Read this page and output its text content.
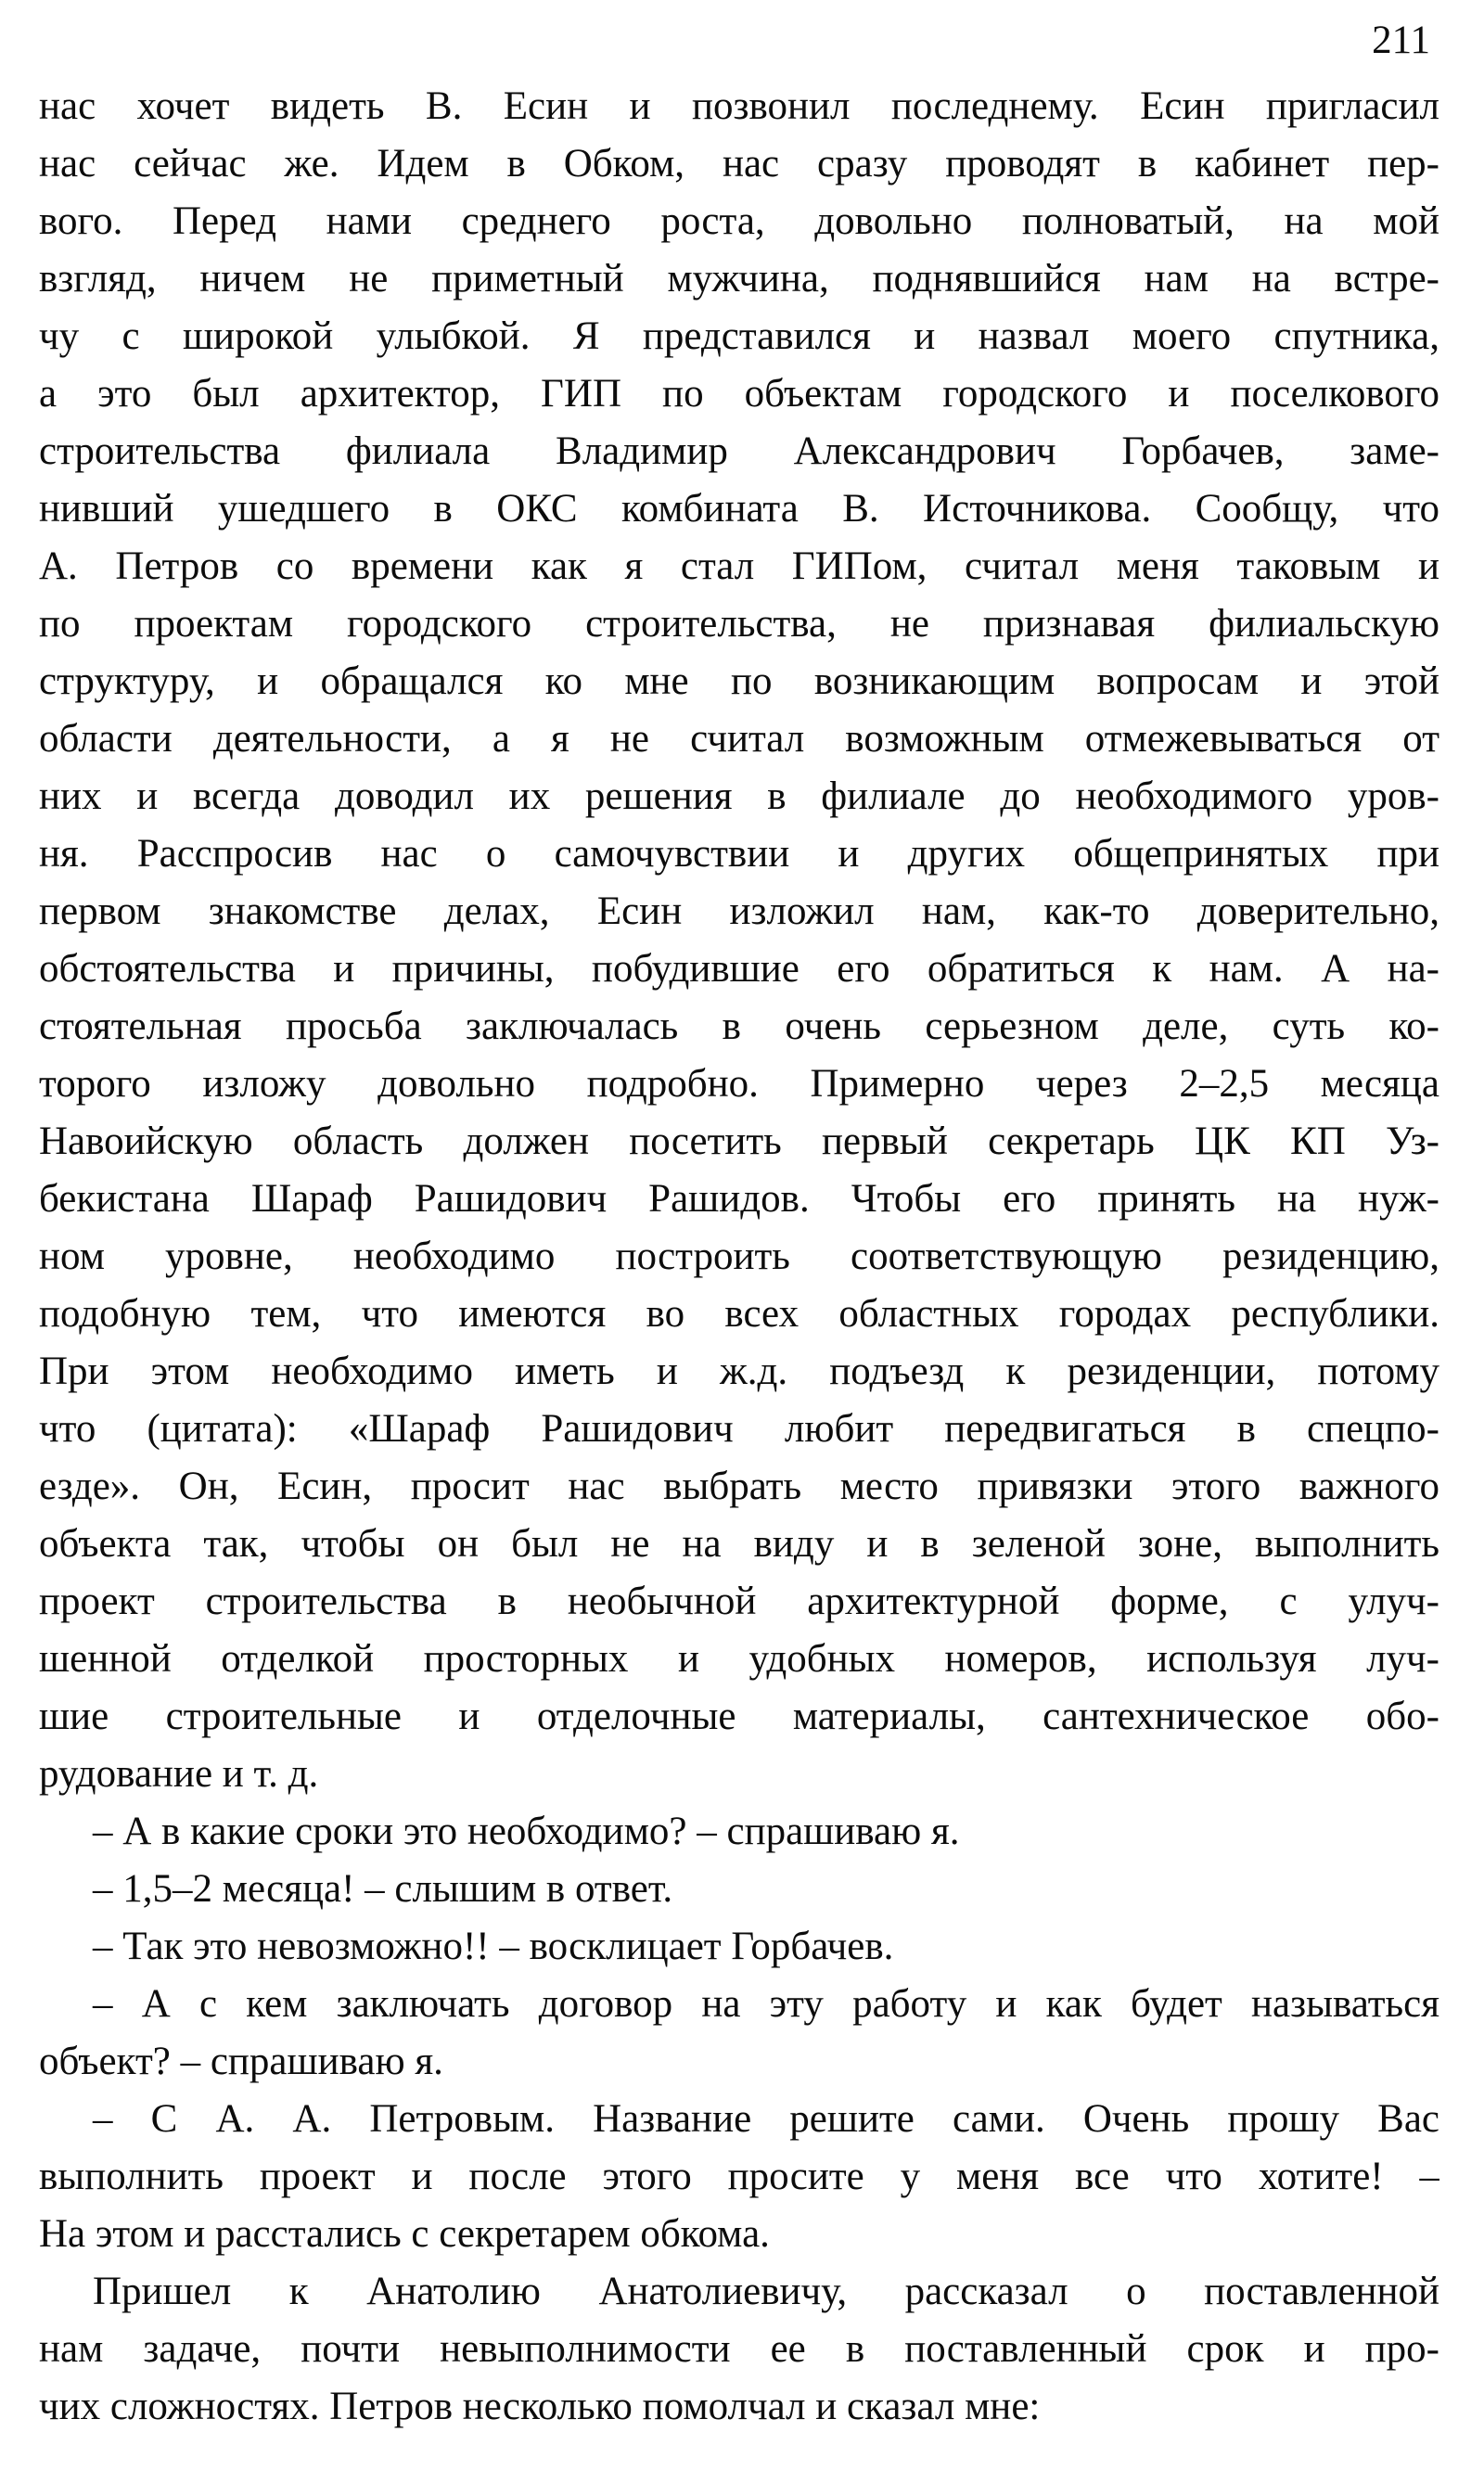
211
нас хочет видеть В. Есин и позвонил последнему. Есин пригласил
нас сейчас же. Идем в Обком, нас сразу проводят в кабинет пер-
вого. Перед нами среднего роста, довольно полноватый, на мой
взгляд, ничем не приметный мужчина, поднявшийся нам на встре-
чу с широкой улыбкой. Я представился и назвал моего спутника,
а это был архитектор, ГИП по объектам городского и поселкового
строительства филиала Владимир Александрович Горбачев, заме-
нивший ушедшего в ОКС комбината В. Источникова. Сообщу, что
А. Петров со времени как я стал ГИПом, считал меня таковым и
по проектам городского строительства, не признавая филиальскую
структуру, и обращался ко мне по возникающим вопросам и этой
области деятельности, а я не считал возможным отмежевываться от
них и всегда доводил их решения в филиале до необходимого уров-
ня. Расспросив нас о самочувствии и других общепринятых при
первом знакомстве делах, Есин изложил нам, как-то доверительно,
обстоятельства и причины, побудившие его обратиться к нам. А на-
стоятельная просьба заключалась в очень серьезном деле, суть ко-
торого изложу довольно подробно. Примерно через 2–2,5 месяца
Навоийскую область должен посетить первый секретарь ЦК КП Уз-
бекистана Шараф Рашидович Рашидов. Чтобы его принять на нуж-
ном уровне, необходимо построить соответствующую резиденцию,
подобную тем, что имеются во всех областных городах республики.
При этом необходимо иметь и ж.д. подъезд к резиденции, потому
что (цитата): «Шараф Рашидович любит передвигаться в спецпо-
езде». Он, Есин, просит нас выбрать место привязки этого важного
объекта так, чтобы он был не на виду и в зеленой зоне, выполнить
проект строительства в необычной архитектурной форме, с улуч-
шенной отделкой просторных и удобных номеров, используя луч-
шие строительные и отделочные материалы, сантехническое обо-
рудование и т. д.
– А в какие сроки это необходимо? – спрашиваю я.
– 1,5–2 месяца! – слышим в ответ.
– Так это невозможно!! – восклицает Горбачев.
– А с кем заключать договор на эту работу и как будет называться
объект? – спрашиваю я.
– С А. А. Петровым. Название решите сами. Очень прошу Вас
выполнить проект и после этого просите у меня все что хотите! –
На этом и расстались с секретарем обкома.
Пришел к Анатолию Анатолиевичу, рассказал о поставленной
нам задаче, почти невыполнимости ее в поставленный срок и про-
чих сложностях. Петров несколько помолчал и сказал мне:
